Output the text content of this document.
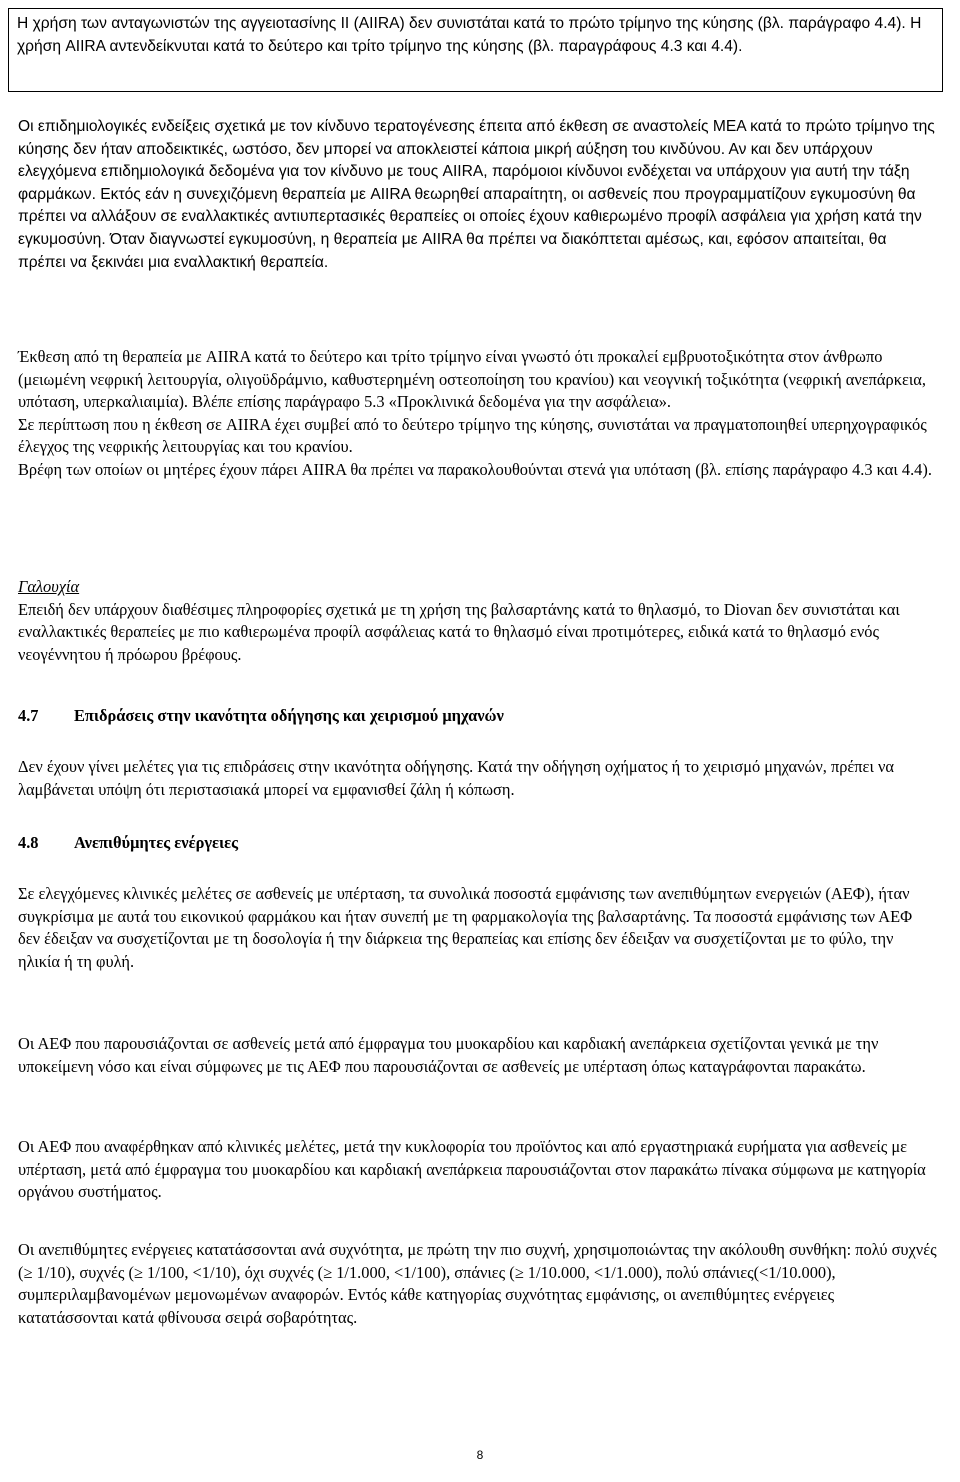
Η χρήση των ανταγωνιστών της αγγειοτασίνης ΙΙ (AIIRA) δεν συνιστάται κατά το πρώτο τρίμηνο της κύησης (βλ. παράγραφο 4.4). Η χρήση AIIRA αντενδείκνυται κατά το δεύτερο και τρίτο τρίμηνο της κύησης (βλ. παραγράφους 4.3 και 4.4).

Οι επιδημιολογικές ενδείξεις σχετικά με τον κίνδυνο τερατογένεσης έπειτα από έκθεση σε αναστολείς ΜΕΑ κατά το πρώτο τρίμηνο της κύησης δεν ήταν αποδεικτικές, ωστόσο, δεν μπορεί να αποκλειστεί κάποια μικρή αύξηση του κινδύνου. Αν και δεν υπάρχουν ελεγχόμενα επιδημιολογικά δεδομένα για τον κίνδυνο με τους AIIRA, παρόμοιοι κίνδυνοι ενδέχεται να υπάρχουν για αυτή την τάξη φαρμάκων. Εκτός εάν η συνεχιζόμενη θεραπεία με AIIRA θεωρηθεί απαραίτητη, οι ασθενείς που προγραμματίζουν εγκυμοσύνη θα πρέπει να αλλάξουν σε εναλλακτικές αντιυπερτασικές θεραπείες οι οποίες έχουν καθιερωμένο προφίλ ασφάλεια για χρήση κατά την εγκυμοσύνη. Όταν διαγνωστεί εγκυμοσύνη, η θεραπεία με AIIRA θα πρέπει να διακόπτεται αμέσως, και, εφόσον απαιτείται, θα πρέπει να ξεκινάει μια εναλλακτική θεραπεία.

Έκθεση από τη θεραπεία με AIIRA κατά το δεύτερο και τρίτο τρίμηνο είναι γνωστό ότι προκαλεί εμβρυοτοξικότητα στον άνθρωπο (μειωμένη νεφρική λειτουργία, ολιγοϋδράμνιο, καθυστερημένη οστεοποίηση του κρανίου) και νεογνική τοξικότητα (νεφρική ανεπάρκεια, υπόταση, υπερκαλιαιμία). Βλέπε επίσης παράγραφο 5.3 «Προκλινικά δεδομένα για την ασφάλεια».

Σε περίπτωση που η έκθεση σε AIIRA έχει συμβεί από το δεύτερο τρίμηνο της κύησης, συνιστάται να πραγματοποιηθεί υπερηχογραφικός έλεγχος της νεφρικής λειτουργίας και του κρανίου.

Βρέφη των οποίων οι μητέρες έχουν πάρει AIIRA θα πρέπει να παρακολουθούνται στενά για υπόταση (βλ. επίσης παράγραφο 4.3 και 4.4).

Γαλουχία

Επειδή δεν υπάρχουν διαθέσιμες πληροφορίες σχετικά με τη χρήση της βαλσαρτάνης κατά το θηλασμό, το Diovan δεν συνιστάται και εναλλακτικές θεραπείες με πιο καθιερωμένα προφίλ ασφάλειας κατά το θηλασμό είναι προτιμότερες, ειδικά κατά το θηλασμό ενός νεογέννητου ή πρόωρου βρέφους.

4.7 Επιδράσεις στην ικανότητα οδήγησης και χειρισμού μηχανών

Δεν έχουν γίνει μελέτες για τις επιδράσεις στην ικανότητα οδήγησης. Κατά την οδήγηση οχήματος ή το χειρισμό μηχανών, πρέπει να λαμβάνεται υπόψη ότι περιστασιακά μπορεί να εμφανισθεί ζάλη ή κόπωση.

4.8 Ανεπιθύμητες ενέργειες

Σε ελεγχόμενες κλινικές μελέτες σε ασθενείς με υπέρταση, τα συνολικά ποσοστά εμφάνισης των ανεπιθύμητων ενεργειών (ΑΕΦ), ήταν συγκρίσιμα με αυτά του εικονικού φαρμάκου και ήταν συνεπή με τη φαρμακολογία της βαλσαρτάνης. Τα ποσοστά εμφάνισης των ΑΕΦ δεν έδειξαν να συσχετίζονται με τη δοσολογία ή την διάρκεια της θεραπείας και επίσης δεν έδειξαν να συσχετίζονται με το φύλο, την ηλικία ή τη φυλή.

Οι ΑΕΦ που παρουσιάζονται σε ασθενείς μετά από έμφραγμα του μυοκαρδίου και καρδιακή ανεπάρκεια σχετίζονται γενικά με την υποκείμενη νόσο και είναι σύμφωνες με τις ΑΕΦ που παρουσιάζονται σε ασθενείς με υπέρταση όπως καταγράφονται παρακάτω.

Οι ΑΕΦ που αναφέρθηκαν από κλινικές μελέτες, μετά την κυκλοφορία του προϊόντος και από εργαστηριακά ευρήματα για ασθενείς με υπέρταση, μετά από έμφραγμα του μυοκαρδίου και καρδιακή ανεπάρκεια παρουσιάζονται στον παρακάτω πίνακα σύμφωνα με κατηγορία οργάνου συστήματος.

Οι ανεπιθύμητες ενέργειες κατατάσσονται ανά συχνότητα, με πρώτη την πιο συχνή, χρησιμοποιώντας την ακόλουθη συνθήκη: πολύ συχνές (≥ 1/10), συχνές (≥ 1/100, <1/10), όχι συχνές (≥ 1/1.000, <1/100), σπάνιες (≥ 1/10.000, <1/1.000), πολύ σπάνιες(<1/10.000), συμπεριλαμβανομένων μεμονωμένων αναφορών. Εντός κάθε κατηγορίας συχνότητας εμφάνισης, οι ανεπιθύμητες ενέργειες κατατάσσονται κατά φθίνουσα σειρά σοβαρότητας.

8
